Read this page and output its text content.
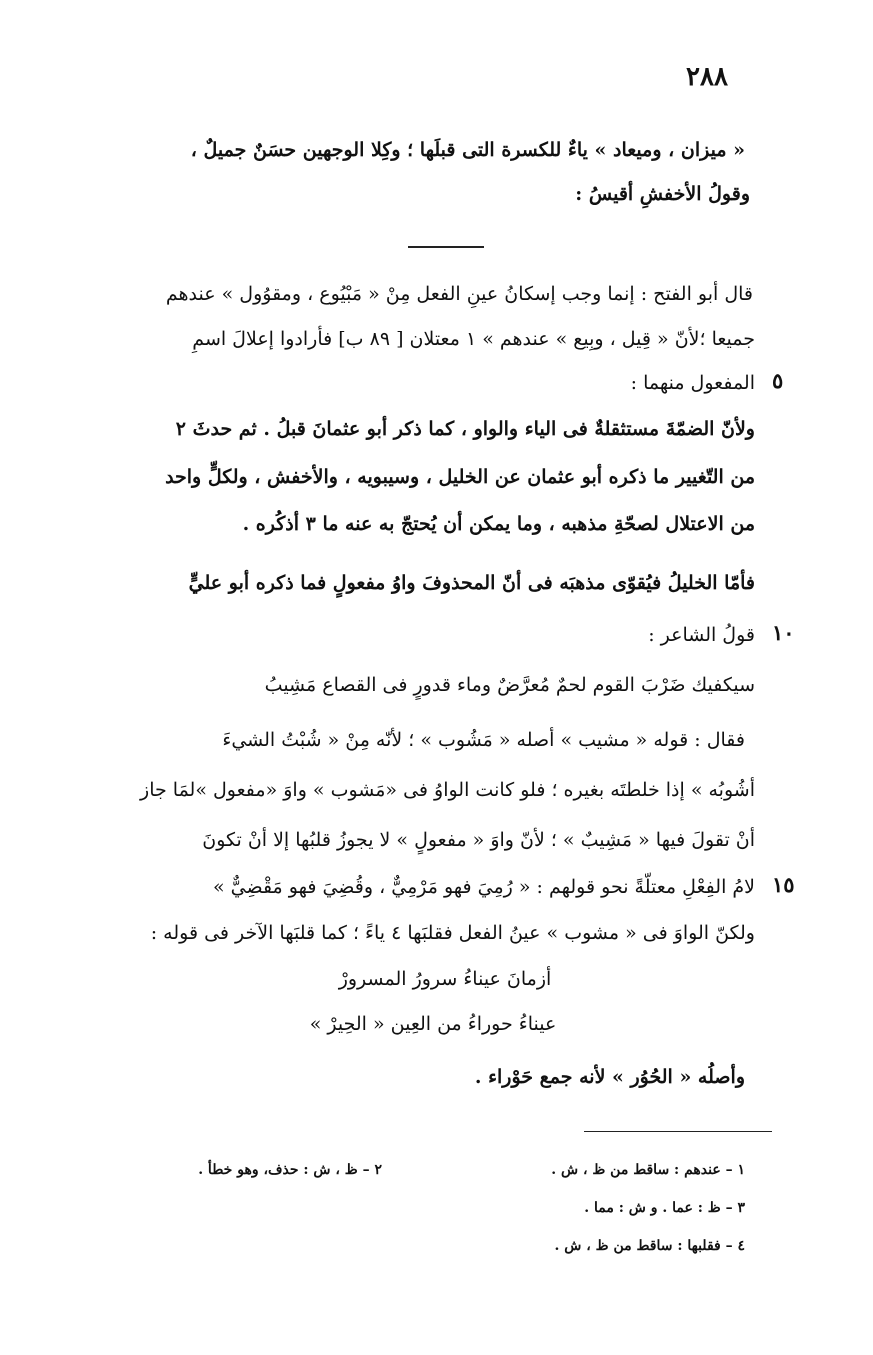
٢٨٨
« ميزان ، وميعاد » ياءٌ للكسرة التى قبلَها ؛ وكِلا الوجهين حسَنٌ جميلٌ ،
وقولُ الأخفشِ أقيسُ :
قال أبو الفتح : إنما وجب إسكانُ عينِ الفعل مِنْ « مَبْيُوع ، ومقوُول » عندهم
جميعا ؛لأنّ « قِيل ، وبِيع » عندهم » ١ معتلان [ ٨٩ ب] فأرادوا إعلالَ اسمِ
المفعول منهما : ٥
ولأنّ الضمّةَ مستثقلةٌ فى الياء والواو ، كما ذكر أبو عثمانَ قبلُ . ثم حدثَ ٢
من التّغيير ما ذكره أبو عثمان عن الخليل ، وسيبويه ، والأخفش ، ولكلٍّ واحد
من الاعتلال لصحّةِ مذهبه ، وما يمكن أن يُحتجّ به عنه ما ٣ أذكُره .
فأمّا الخليلُ فيُقوّى مذهبَه فى أنّ المحذوفَ واوُ مفعولٍ فما ذكره أبو عليٍّ
قولُ الشاعر : ١٠
سيكفيك ضَرْبَ القوم لحمٌ مُعرَّضٌ وماء قدورٍ فى القصاع مَشِيبُ
فقال : قوله « مشيب » أصله « مَشُوب » ؛ لأنّه مِنْ « شُبْتُ الشيءَ
أشُوبُه » إذا خلطتَه بغيره ؛ فلو كانت الواوُ فى «مَشوب » واوَ «مفعول »لمَا جاز
أنْ تقولَ فيها « مَشِيبٌ » ؛ لأنّ واوَ « مفعولٍ » لا يجوزُ قلبُها إلا أنْ تكونَ
لامُ الفِعْلِ معتلّةً نحو قولهم : « رُمِيَ فهو مَرْمِيٌّ ، وقُضِيَ فهو مَقْضِيٌّ » ١٥
ولكنّ الواوَ فى « مشوب » عينُ الفعل فقلبَها ٤ ياءً ؛ كما قلبَها الآخر فى قوله :
أزمانَ عيناءُ سرورُ المسرورْ
عيناءُ حوراءُ من العِين « الحِيرْ »
وأصلُه « الحُوُر » لأنه جمع حَوْراء .
١ – عندهم : ساقط من ظ ، ش .
٢ – ظ ، ش : حذف، وهو خطأ .
٣ – ظ : عما . و ش : مما .
٤ – فقلبها : ساقط من ظ ، ش .
